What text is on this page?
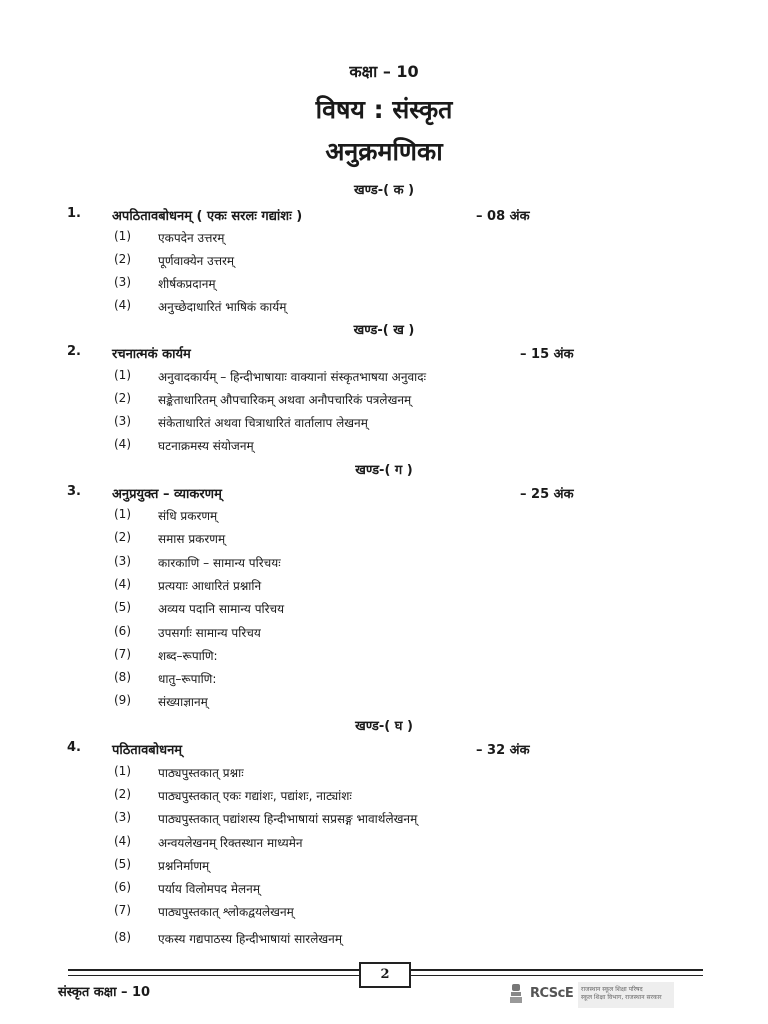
कक्षा – 10
विषय : संस्कृत
अनुक्रमणिका
खण्ड-( क )
1. अपठितावबोधनम् ( एकः सरलः गद्यांशः )	– 08 अंक
(1)	एकपदेन उत्तरम्
(2)	पूर्णवाक्येन उत्तरम्
(3)	शीर्षकप्रदानम्
(4)	अनुच्छेदाधारितं भाषिकं कार्यम्
खण्ड-( ख )
2. रचनात्मकं कार्यम	– 15 अंक
(1)	अनुवादकार्यम् – हिन्दीभाषायाः वाक्यानां संस्कृतभाषया अनुवादः
(2)	सङ्केताधारितम् औपचारिकम् अथवा अनौपचारिकं पत्रलेखनम्
(3)	संकेताधारितं अथवा चित्राधारितं वार्तालाप लेखनम्
(4)	घटनाक्रमस्य संयोजनम्
खण्ड-( ग )
3. अनुप्रयुक्त – व्याकरणम्	– 25 अंक
(1)	संधि प्रकरणम्
(2)	समास प्रकरणम्
(3)	कारकाणि – सामान्य परिचयः
(4)	प्रत्ययाः आधारितं प्रश्नानि
(5)	अव्यय पदानि सामान्य परिचय
(6)	उपसर्गाः सामान्य परिचय
(7)	शब्द–रूपाणि:
(8)	धातु–रूपाणि:
(9)	संख्याज्ञानम्
खण्ड-( घ )
4. पठितावबोधनम्	– 32 अंक
(1)	पाठ्यपुस्तकात् प्रश्नाः
(2)	पाठ्यपुस्तकात् एकः गद्यांशः, पद्यांशः, नाट्यांशः
(3)	पाठ्यपुस्तकात् पद्यांशस्य हिन्दीभाषायां सप्रसङ्ग भावार्थलेखनम्
(4)	अन्वयलेखनम् रिक्तस्थान माध्यमेन
(5)	प्रश्ननिर्माणम्
(6)	पर्याय विलोमपद मेलनम्
(7)	पाठ्यपुस्तकात् श्लोकद्वयलेखनम्
(8)	एकस्य गद्यपाठस्य हिन्दीभाषायां सारलेखनम्
2
संस्कृत कक्षा – 10	RCScE	राजस्थान स्कूल शिक्षा परिषद
स्कूल शिक्षा विभाग, राजस्थान सरकार
